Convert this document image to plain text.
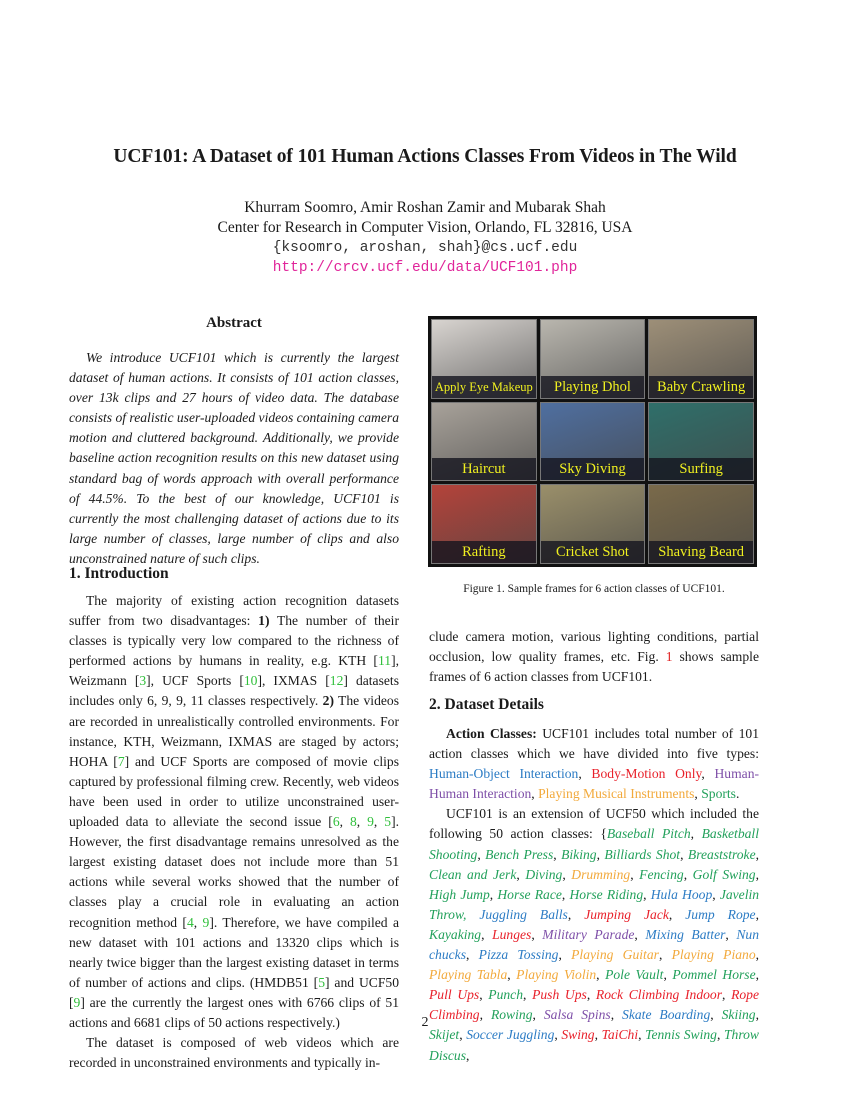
UCF101: A Dataset of 101 Human Actions Classes From Videos in The Wild
Khurram Soomro, Amir Roshan Zamir and Mubarak Shah
Center for Research in Computer Vision, Orlando, FL 32816, USA
{ksoomro, aroshan, shah}@cs.ucf.edu
http://crcv.ucf.edu/data/UCF101.php
Abstract

We introduce UCF101 which is currently the largest dataset of human actions. It consists of 101 action classes, over 13k clips and 27 hours of video data. The database consists of realistic user-uploaded videos containing camera motion and cluttered background. Additionally, we provide baseline action recognition results on this new dataset using standard bag of words approach with overall performance of 44.5%. To the best of our knowledge, UCF101 is currently the most challenging dataset of actions due to its large number of classes, large number of clips and also unconstrained nature of such clips.

1. Introduction

The majority of existing action recognition datasets suffer from two disadvantages: 1) The number of their classes is typically very low compared to the richness of performed actions by humans in reality, e.g. KTH [11], Weizmann [3], UCF Sports [10], IXMAS [12] datasets includes only 6, 9, 9, 11 classes respectively. 2) The videos are recorded in unrealistically controlled environments. For instance, KTH, Weizmann, IXMAS are staged by actors; HOHA [7] and UCF Sports are composed of movie clips captured by professional filming crew. Recently, web videos have been used in order to utilize unconstrained user-uploaded data to alleviate the second issue [6, 8, 9, 5]. However, the first disadvantage remains unresolved as the largest existing dataset does not include more than 51 actions while several works showed that the number of classes play a crucial role in evaluating an action recognition method [4, 9]. Therefore, we have compiled a new dataset with 101 actions and 13320 clips which is nearly twice bigger than the largest existing dataset in terms of number of actions and clips. (HMDB51 [5] and UCF50 [9] are the currently the largest ones with 6766 clips of 51 actions and 6681 clips of 50 actions respectively.)

The dataset is composed of web videos which are recorded in unconstrained environments and typically in-

Apply Eye Makeup	Playing Dhol	Baby Crawling
Haircut	Sky Diving	Surfing
Rafting	Cricket Shot	Shaving Beard
Figure 1. Sample frames for 6 action classes of UCF101.

clude camera motion, various lighting conditions, partial occlusion, low quality frames, etc. Fig. 1 shows sample frames of 6 action classes from UCF101.

2. Dataset Details

Action Classes: UCF101 includes total number of 101 action classes which we have divided into five types: Human-Object Interaction, Body-Motion Only, Human-Human Interaction, Playing Musical Instruments, Sports.

UCF101 is an extension of UCF50 which included the following 50 action classes: {Baseball Pitch, Basketball Shooting, Bench Press, Biking, Billiards Shot, Breaststroke, Clean and Jerk, Diving, Drumming, Fencing, Golf Swing, High Jump, Horse Race, Horse Riding, Hula Hoop, Javelin Throw, Juggling Balls, Jumping Jack, Jump Rope, Kayaking, Lunges, Military Parade, Mixing Batter, Nun chucks, Pizza Tossing, Playing Guitar, Playing Piano, Playing Tabla, Playing Violin, Pole Vault, Pommel Horse, Pull Ups, Punch, Push Ups, Rock Climbing Indoor, Rope Climbing, Rowing, Salsa Spins, Skate Boarding, Skiing, Skijet, Soccer Juggling, Swing, TaiChi, Tennis Swing, Throw Discus,

2
